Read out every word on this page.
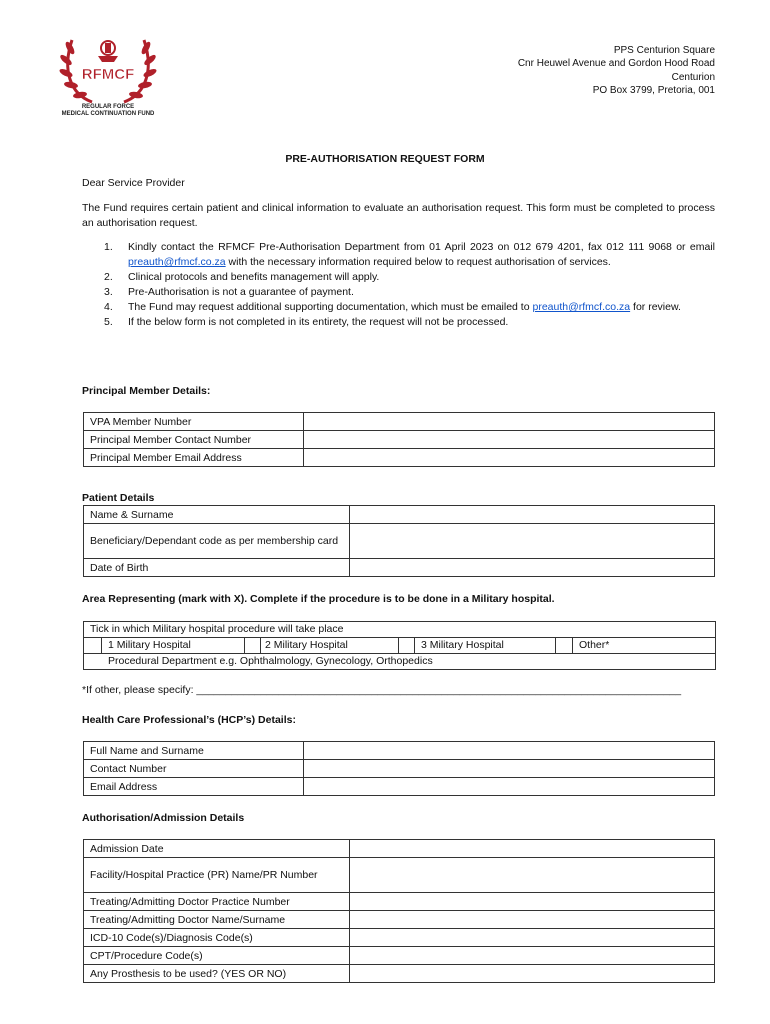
RFMCF
REGULAR FORCE
MEDICAL CONTINUATION FUND
PPS Centurion Square
Cnr Heuwel Avenue and Gordon Hood Road
Centurion
PO Box 3799, Pretoria, 001
PRE-AUTHORISATION REQUEST FORM
Dear Service Provider
The Fund requires certain patient and clinical information to evaluate an authorisation request. This form must be completed to process an authorisation request.
1. Kindly contact the RFMCF Pre-Authorisation Department from 01 April 2023 on 012 679 4201, fax 012 111 9068 or email preauth@rfmcf.co.za with the necessary information required below to request authorisation of services.
2. Clinical protocols and benefits management will apply.
3. Pre-Authorisation is not a guarantee of payment.
4. The Fund may request additional supporting documentation, which must be emailed to preauth@rfmcf.co.za for review.
5. If the below form is not completed in its entirety, the request will not be processed.
Principal Member Details:
VPA Member Number	
Principal Member Contact Number	
Principal Member Email Address	
Patient Details
Name & Surname	
Beneficiary/Dependant code as per membership card	
Date of Birth	
Area Representing (mark with X). Complete if the procedure is to be done in a Military hospital.
Tick in which Military hospital procedure will take place
1 Military Hospital	2 Military Hospital	3 Military Hospital	Other*
Procedural Department e.g. Ophthalmology, Gynecology, Orthopedics
*If other, please specify: ___________________________________________________________________________________
Health Care Professional’s (HCP’s) Details:
Full Name and Surname	
Contact Number	
Email Address	
Authorisation/Admission Details
Admission Date	
Facility/Hospital Practice (PR) Name/PR Number	
Treating/Admitting Doctor Practice Number	
Treating/Admitting Doctor Name/Surname	
ICD-10 Code(s)/Diagnosis Code(s)	
CPT/Procedure Code(s)	
Any Prosthesis to be used? (YES OR NO)	
